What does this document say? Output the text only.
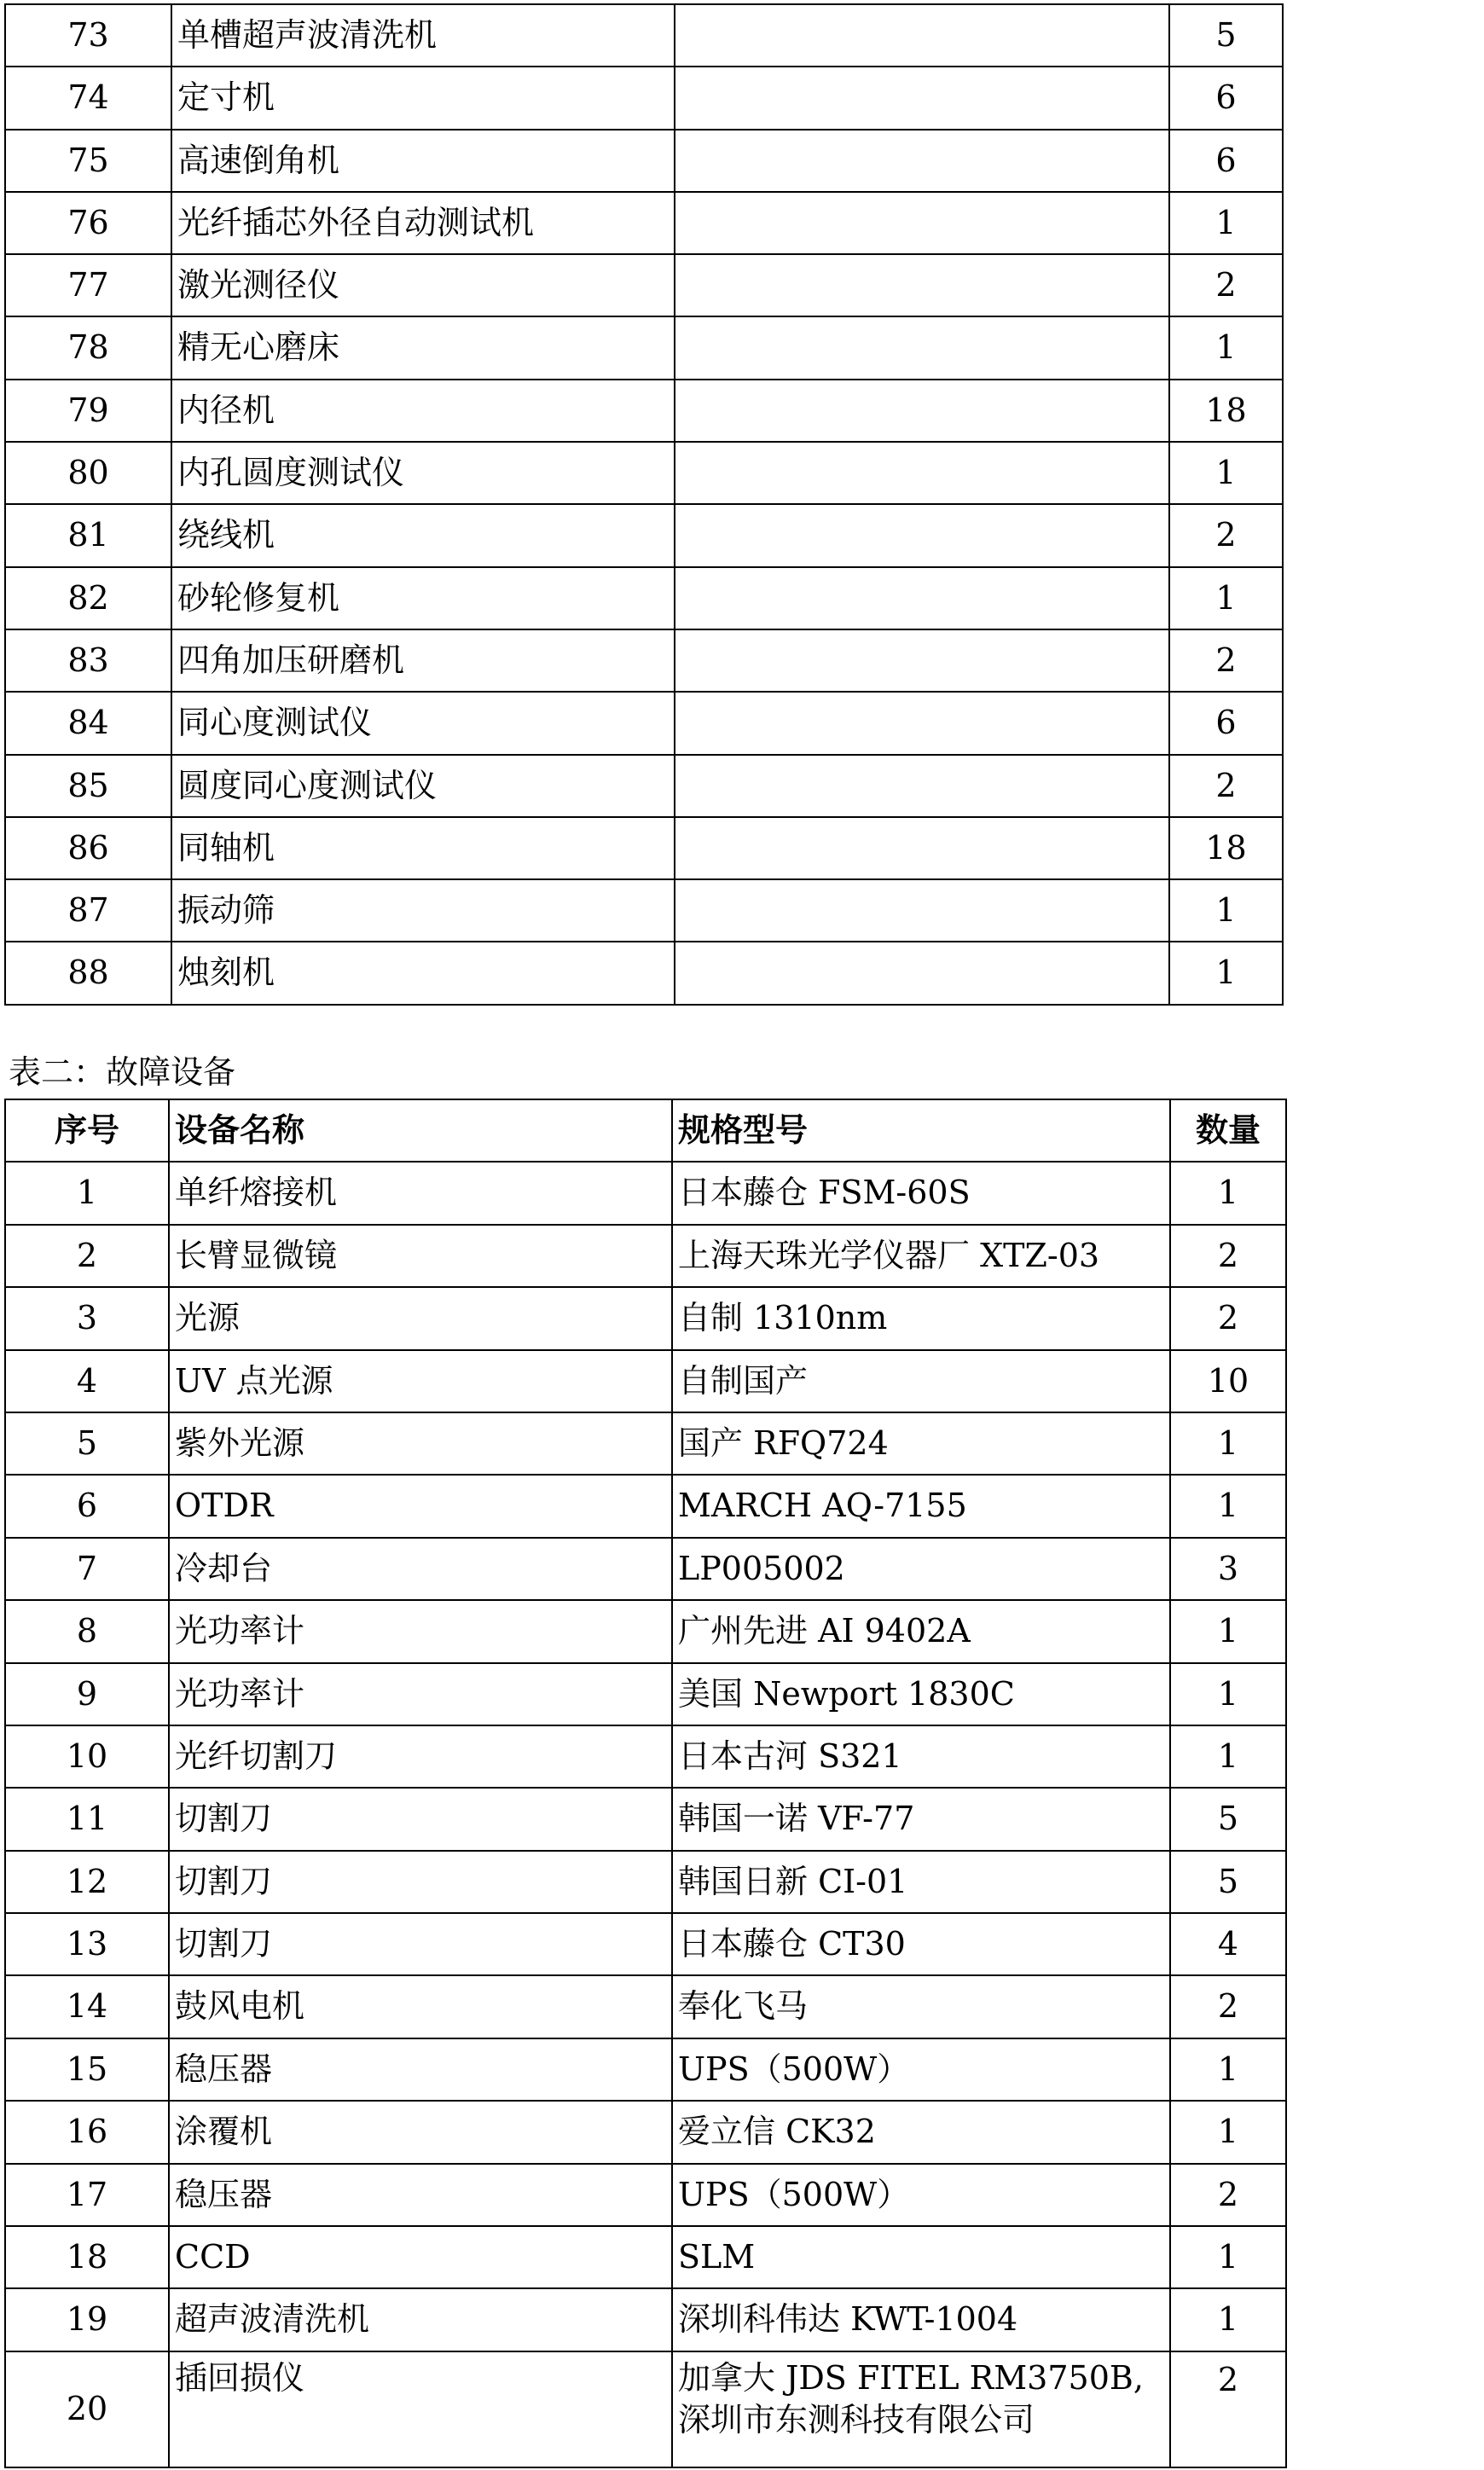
73	单槽超声波清洗机		5
74	定寸机		6
75	高速倒角机		6
76	光纤插芯外径自动测试机		1
77	激光测径仪		2
78	精无心磨床		1
79	内径机		18
80	内孔圆度测试仪		1
81	绕线机		2
82	砂轮修复机		1
83	四角加压研磨机		2
84	同心度测试仪		6
85	圆度同心度测试仪		2
86	同轴机		18
87	振动筛		1
88	烛刻机		1
表二：故障设备
序号	设备名称	规格型号	数量
1	单纤熔接机	日本藤仓 FSM-60S	1
2	长臂显微镜	上海天珠光学仪器厂 XTZ-03	2
3	光源	自制 1310nm	2
4	UV 点光源	自制国产	10
5	紫外光源	国产 RFQ724	1
6	OTDR	MARCH AQ-7155	1
7	冷却台	LP005002	3
8	光功率计	广州先进 AI 9402A	1
9	光功率计	美国 Newport 1830C	1
10	光纤切割刀	日本古河 S321	1
11	切割刀	韩国一诺 VF-77	5
12	切割刀	韩国日新 CI-01	5
13	切割刀	日本藤仓 CT30	4
14	鼓风电机	奉化飞马	2
15	稳压器	UPS（500W）	1
16	涂覆机	爱立信 CK32	1
17	稳压器	UPS（500W）	2
18	CCD	SLM	1
19	超声波清洗机	深圳科伟达 KWT-1004	1
20	插回损仪	加拿大 JDS FITEL RM3750B,深圳市东测科技有限公司	2
